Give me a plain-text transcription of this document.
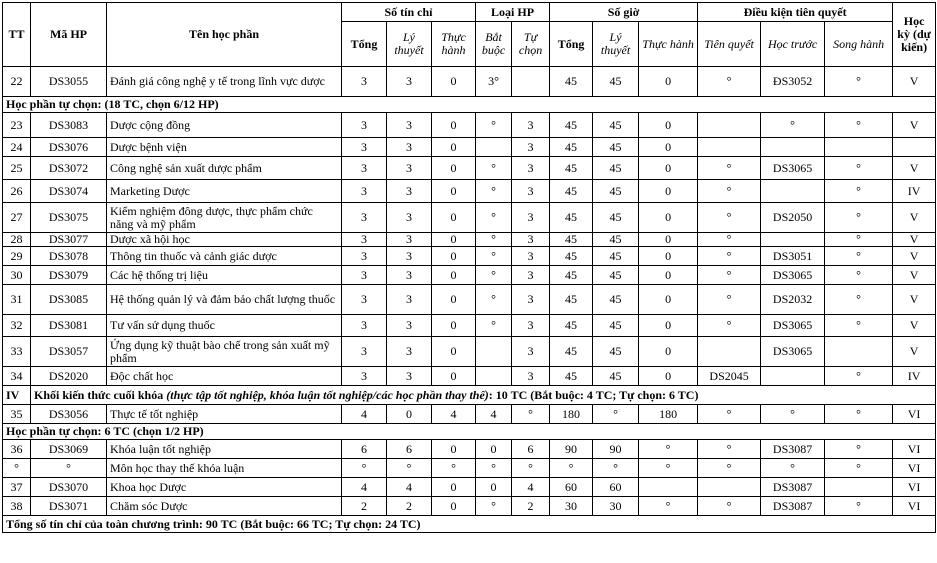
TT	Mã HP	Tên học phần	Số tín chỉ			Loại HP		Số giờ			Điều kiện tiên quyết			Học kỳ (dự kiến)
			Tổng	Lý thuyết	Thực hành	Bắt buộc	Tự chọn	Tổng	Lý thuyết	Thực hành	Tiên quyết	Học trước	Song hành	
22	DS3055	Đánh giá công nghệ y tế trong lĩnh vực dược	3	3	0	3°		45	45	0	°	ĐS3052	°	V
Học phần tự chọn: (18 TC, chọn 6/12 HP)														
23	DS3083	Dược cộng đồng	3	3	0	°	3	45	45	0		°	°	V
24	DS3076	Dược bệnh viện	3	3	0		3	45	45	0				
25	DS3072	Công nghệ sản xuất dược phẩm	3	3	0	°	3	45	45	0	°	DS3065	°	V
26	DS3074	Marketing Dược	3	3	0	°	3	45	45	0	°		°	IV
27	DS3075	Kiểm nghiệm đông dược, thực phẩm chức năng và mỹ phẩm	3	3	0	°	3	45	45	0	°	DS2050	°	V
28	DS3077	Dược xã hội học	3	3	0	°	3	45	45	0	°		°	V
29	DS3078	Thông tin thuốc và cảnh giác dược	3	3	0	°	3	45	45	0	°	DS3051	°	V
30	DS3079	Các hệ thống trị liệu	3	3	0	°	3	45	45	0	°	DS3065	°	V
31	DS3085	Hệ thống quản lý và đảm bảo chất lượng thuốc	3	3	0	°	3	45	45	0	°	DS2032	°	V
32	DS3081	Tư vấn sử dụng thuốc	3	3	0	°	3	45	45	0	°	DS3065	°	V
33	DS3057	Ứng dụng kỹ thuật bào chế trong sản xuất mỹ phẩm	3	3	0		3	45	45	0		DS3065		V
34	DS2020	Độc chất học	3	3	0		3	45	45	0	DS2045		°	IV
IV	Khối kiến thức cuối khóa (thực tập tốt nghiệp, khóa luận tốt nghiệp/các học phần thay thế): 10 TC (Bắt buộc: 4 TC; Tự chọn: 6 TC)													
35	DS3056	Thực tế tốt nghiệp	4	0	4	4	°	180	°	180	°	°	°	VI
Học phần tự chọn: 6 TC (chọn 1/2 HP)														
36	DS3069	Khóa luận tốt nghiệp	6	6	0	0	6	90	90	°	°	DS3087	°	VI
°	°	Môn học thay thế khóa luận	°	°	°	°	°	°	°	°	°	°	°	VI
37	DS3070	Khoa học Dược	4	4	0	0	4	60	60			DS3087		VI
38	DS3071	Chăm sóc Dược	2	2	0	°	2	30	30	°	°	DS3087	°	VI
Tổng số tín chỉ của toàn chương trình: 90 TC (Bắt buộc: 66 TC; Tự chọn: 24 TC)														
